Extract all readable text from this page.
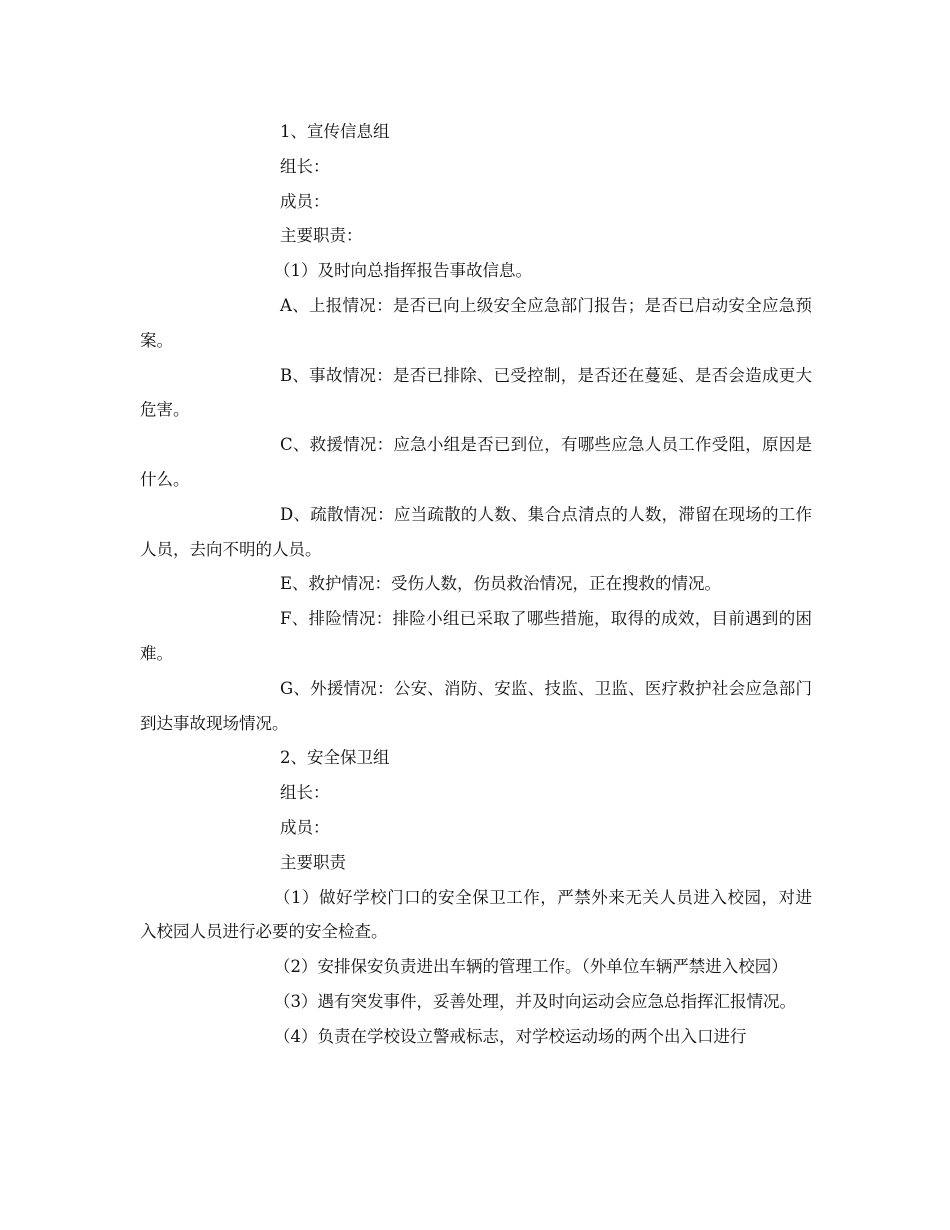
1、宣传信息组

组长：

成员：

主要职责：

（1）及时向总指挥报告事故信息。

A、上报情况：是否已向上级安全应急部门报告；是否已启动安全应急预案。

B、事故情况：是否已排除、已受控制，是否还在蔓延、是否会造成更大危害。

C、救援情况：应急小组是否已到位，有哪些应急人员工作受阻，原因是什么。

D、疏散情况：应当疏散的人数、集合点清点的人数，滞留在现场的工作人员，去向不明的人员。

E、救护情况：受伤人数，伤员救治情况，正在搜救的情况。

F、排险情况：排险小组已采取了哪些措施，取得的成效，目前遇到的困难。

G、外援情况：公安、消防、安监、技监、卫监、医疗救护社会应急部门到达事故现场情况。

2、安全保卫组

组长：

成员：

主要职责

（1）做好学校门口的安全保卫工作，严禁外来无关人员进入校园，对进入校园人员进行必要的安全检查。

（2）安排保安负责进出车辆的管理工作。（外单位车辆严禁进入校园）

（3）遇有突发事件，妥善处理，并及时向运动会应急总指挥汇报情况。

（4）负责在学校设立警戒标志，对学校运动场的两个出入口进行
